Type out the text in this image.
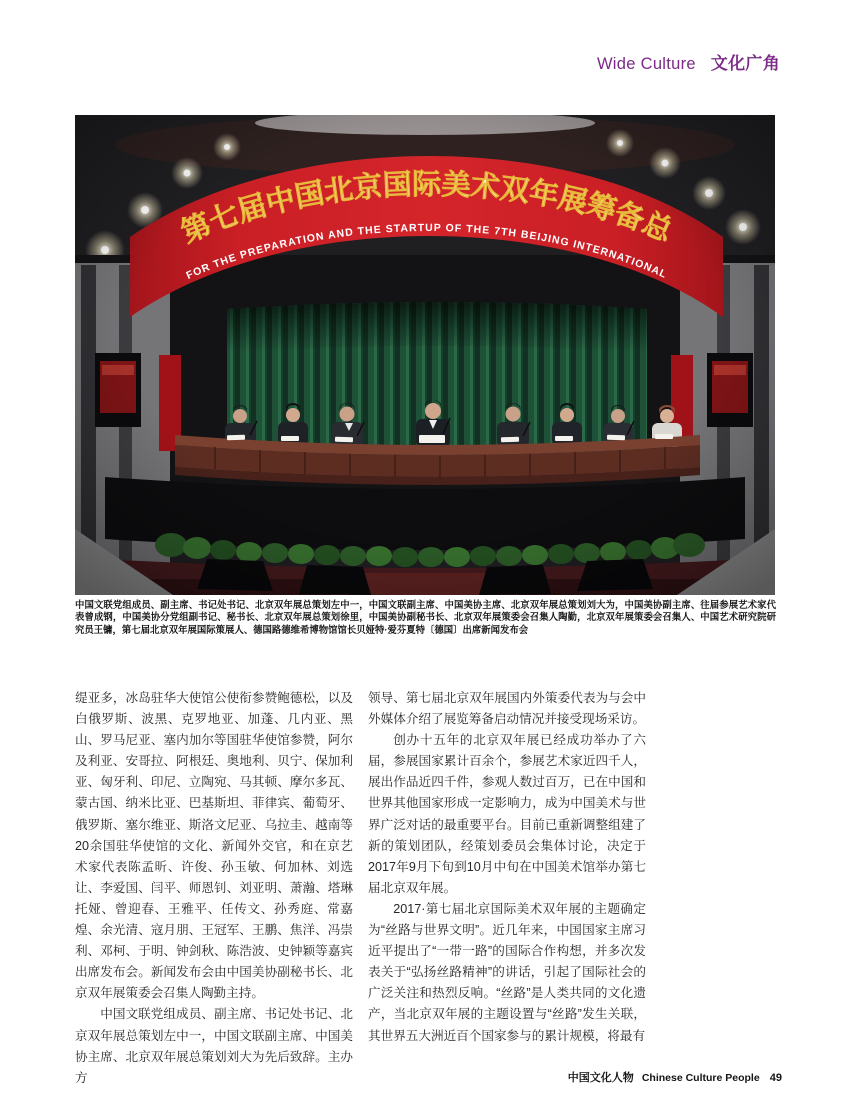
Wide Culture 文化广角
中国文联党组成员、副主席、书记处书记、北京双年展总策划左中一，中国文联副主席、中国美协主席、北京双年展总策划刘大为，中国美协副主席、往届参展艺术家代表曾成钢，中国美协分党组副书记、秘书长、北京双年展总策划徐里，中国美协副秘书长、北京双年展策委会召集人陶勤，北京双年展策委会召集人、中国艺术研究院研究员王镛，第七届北京双年展国际策展人、德国路德维希博物馆馆长贝娅特·爱芬夏特〔德国〕出席新闻发布会

缇亚多，冰岛驻华大使馆公使衔参赞鲍德松，以及白俄罗斯、波黑、克罗地亚、加蓬、几内亚、黑山、罗马尼亚、塞内加尔等国驻华使馆参赞，阿尔及利亚、安哥拉、阿根廷、奥地利、贝宁、保加利亚、匈牙利、印尼、立陶宛、马其顿、摩尔多瓦、蒙古国、纳米比亚、巴基斯坦、菲律宾、葡萄牙、俄罗斯、塞尔维亚、斯洛文尼亚、乌拉圭、越南等20余国驻华使馆的文化、新闻外交官，和在京艺术家代表陈孟昕、许俊、孙玉敏、何加林、刘选让、李爱国、闫平、师恩钊、刘亚明、萧瀚、塔琳托娅、曾迎春、王雅平、任传文、孙秀庭、常嘉煌、余光清、寇月朋、王冠军、王鹏、焦洋、冯崇利、邓柯、于明、钟剑秋、陈浩波、史钟颖等嘉宾出席发布会。新闻发布会由中国美协副秘书长、北京双年展策委会召集人陶勤主持。

中国文联党组成员、副主席、书记处书记、北京双年展总策划左中一，中国文联副主席、中国美协主席、北京双年展总策划刘大为先后致辞。主办方

领导、第七届北京双年展国内外策委代表为与会中外媒体介绍了展览筹备启动情况并接受现场采访。

创办十五年的北京双年展已经成功举办了六届，参展国家累计百余个，参展艺术家近四千人，展出作品近四千件，参观人数过百万，已在中国和世界其他国家形成一定影响力，成为中国美术与世界广泛对话的最重要平台。目前已重新调整组建了新的策划团队，经策划委员会集体讨论，决定于2017年9月下旬到10月中旬在中国美术馆举办第七届北京双年展。

2017·第七届北京国际美术双年展的主题确定为“丝路与世界文明”。近几年来，中国国家主席习近平提出了“一带一路”的国际合作构想，并多次发表关于“弘扬丝路精神”的讲话，引起了国际社会的广泛关注和热烈反响。“丝路”是人类共同的文化遗产，当北京双年展的主题设置与“丝路”发生关联，其世界五大洲近百个国家参与的累计规模，将最有

中国文化人物 Chinese Culture People 49
